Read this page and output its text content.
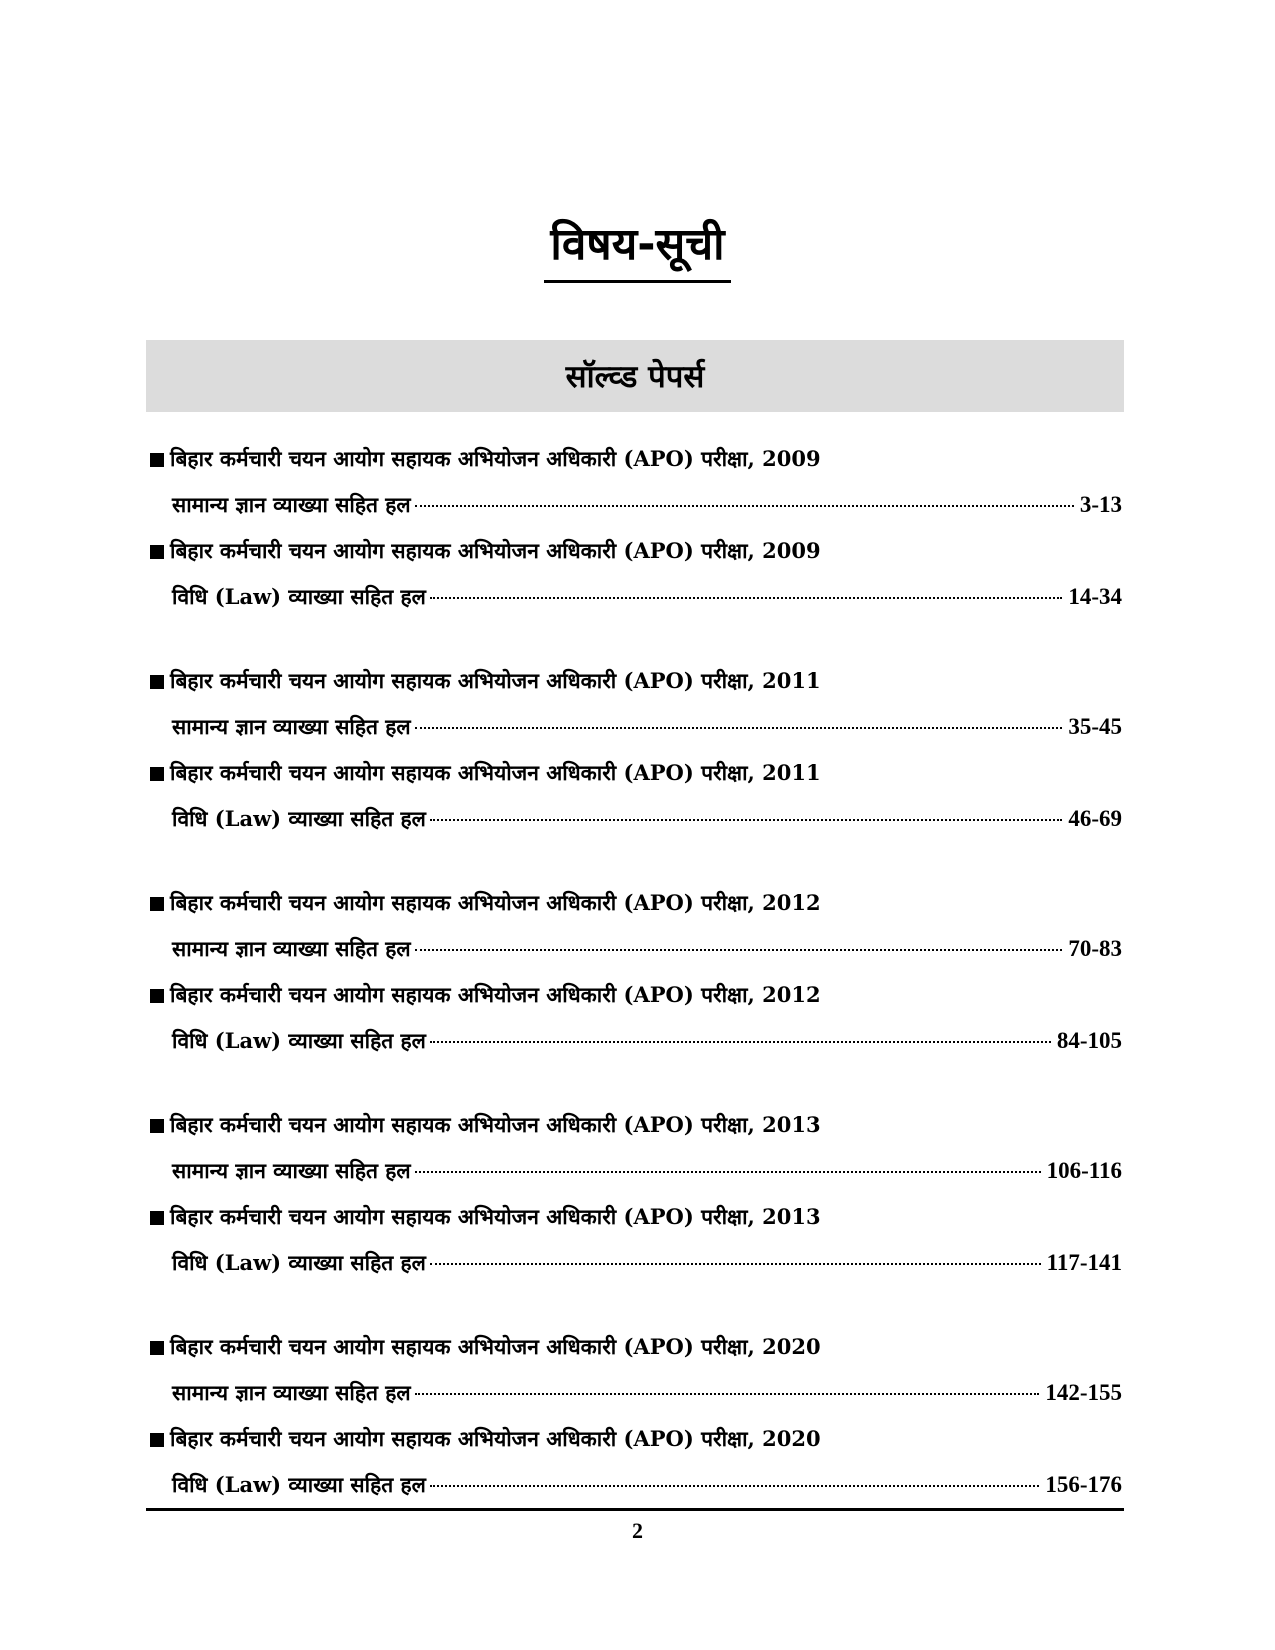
विषय-सूची
सॉल्व्ड पेपर्स
बिहार कर्मचारी चयन आयोग सहायक अभियोजन अधिकारी (APO) परीक्षा, 2009
सामान्य ज्ञान व्याख्या सहित हल	3-13
बिहार कर्मचारी चयन आयोग सहायक अभियोजन अधिकारी (APO) परीक्षा, 2009
विधि (Law) व्याख्या सहित हल	14-34
बिहार कर्मचारी चयन आयोग सहायक अभियोजन अधिकारी (APO) परीक्षा, 2011
सामान्य ज्ञान व्याख्या सहित हल	35-45
बिहार कर्मचारी चयन आयोग सहायक अभियोजन अधिकारी (APO) परीक्षा, 2011
विधि (Law) व्याख्या सहित हल	46-69
बिहार कर्मचारी चयन आयोग सहायक अभियोजन अधिकारी (APO) परीक्षा, 2012
सामान्य ज्ञान व्याख्या सहित हल	70-83
बिहार कर्मचारी चयन आयोग सहायक अभियोजन अधिकारी (APO) परीक्षा, 2012
विधि (Law) व्याख्या सहित हल	84-105
बिहार कर्मचारी चयन आयोग सहायक अभियोजन अधिकारी (APO) परीक्षा, 2013
सामान्य ज्ञान व्याख्या सहित हल	106-116
बिहार कर्मचारी चयन आयोग सहायक अभियोजन अधिकारी (APO) परीक्षा, 2013
विधि (Law) व्याख्या सहित हल	117-141
बिहार कर्मचारी चयन आयोग सहायक अभियोजन अधिकारी (APO) परीक्षा, 2020
सामान्य ज्ञान व्याख्या सहित हल	142-155
बिहार कर्मचारी चयन आयोग सहायक अभियोजन अधिकारी (APO) परीक्षा, 2020
विधि (Law) व्याख्या सहित हल	156-176
2
